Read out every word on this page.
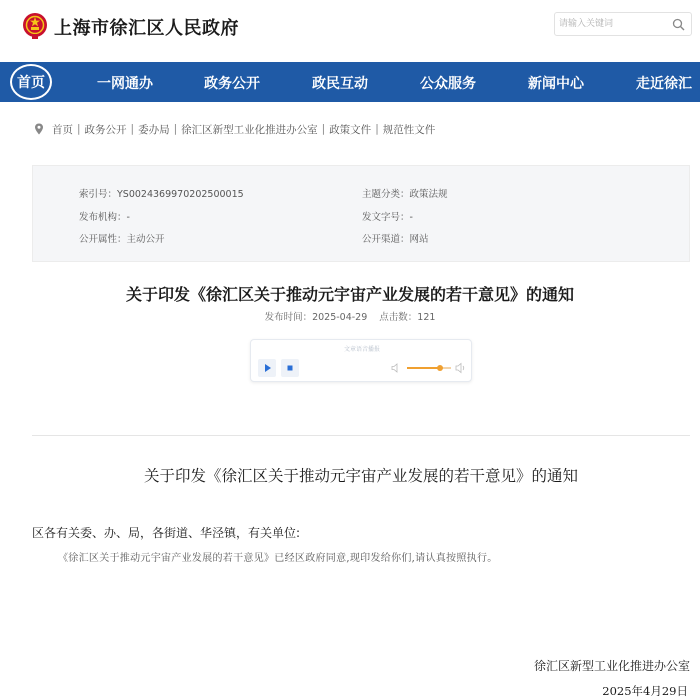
上海市徐汇区人民政府
请输入关键词
首页	一网通办	政务公开	政民互动	公众服务	新闻中心	走近徐汇
首页 | 政务公开 | 委办局 | 徐汇区新型工业化推进办公室 | 政策文件 | 规范性文件
索引号：YS0024369970202500015	主题分类：政策法规
发布机构：-	发文字号：-
公开属性：主动公开	公开渠道：网站
关于印发《徐汇区关于推动元宇宙产业发展的若干意见》的通知
发布时间：2025-04-29 点击数：121
文章语音播报
关于印发《徐汇区关于推动元宇宙产业发展的若干意见》的通知
区各有关委、办、局，各街道、华泾镇，有关单位:
《徐汇区关于推动元宇宙产业发展的若干意见》已经区政府同意,现印发给你们,请认真按照执行。
徐汇区新型工业化推进办公室
2025年4月29日
